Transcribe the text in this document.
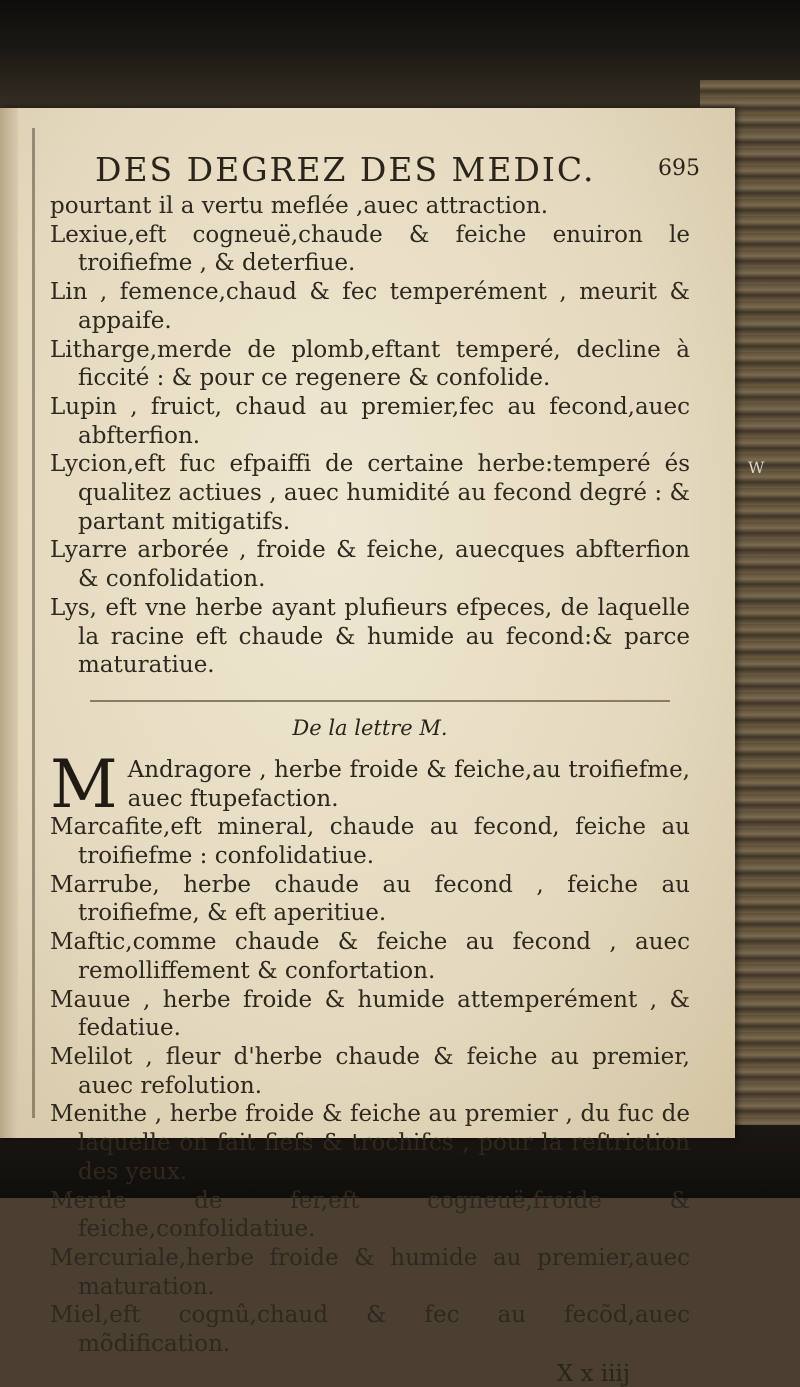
W
DES DEGREZ DES MEDIC.	695

pourtant il a vertu meflée ,auec attraction.

Lexiue,eft cogneuë,chaude & feiche enuiron le troifiefme , & deterfiue.

Lin , femence,chaud & fec temperément , meurit & appaife.

Litharge,merde de plomb,eftant temperé, decline à ficcité : & pour ce regenere & confolide.

Lupin , fruict, chaud au premier,fec au fecond,auec abfterfion.

Lycion,eft fuc efpaiffi de certaine herbe:temperé és qualitez actiues , auec humidité au fecond degré : & partant mitigatifs.

Lyarre arborée , froide & feiche, auecques abfterfion & confolidation.

Lys, eft vne herbe ayant plufieurs efpeces, de laquelle la racine eft chaude & humide au fecond:& parce maturatiue.

De la lettre M.

M Andragore , herbe froide & feiche,au troifiefme, auec ftupefaction.

Marcafite,eft mineral, chaude au fecond, feiche au troifiefme : confolidatiue.

Marrube, herbe chaude au fecond , feiche au troifiefme, & eft aperitiue.

Maftic,comme chaude & feiche au fecond , auec remolliffement & confortation.

Mauue , herbe froide & humide attemperément , & fedatiue.

Melilot , fleur d'herbe chaude & feiche au premier, auec refolution.

Menithe , herbe froide & feiche au premier , du fuc de laquelle on fait fiefs & trochifcs , pour la reftriction des yeux.

Merde de fer,eft cogneuë,froide & feiche,confolidatiue.

Mercuriale,herbe froide & humide au premier,auec maturation.

Miel,eft cognû,chaud & fec au fecõd,auec mõdification.

X x iiij
